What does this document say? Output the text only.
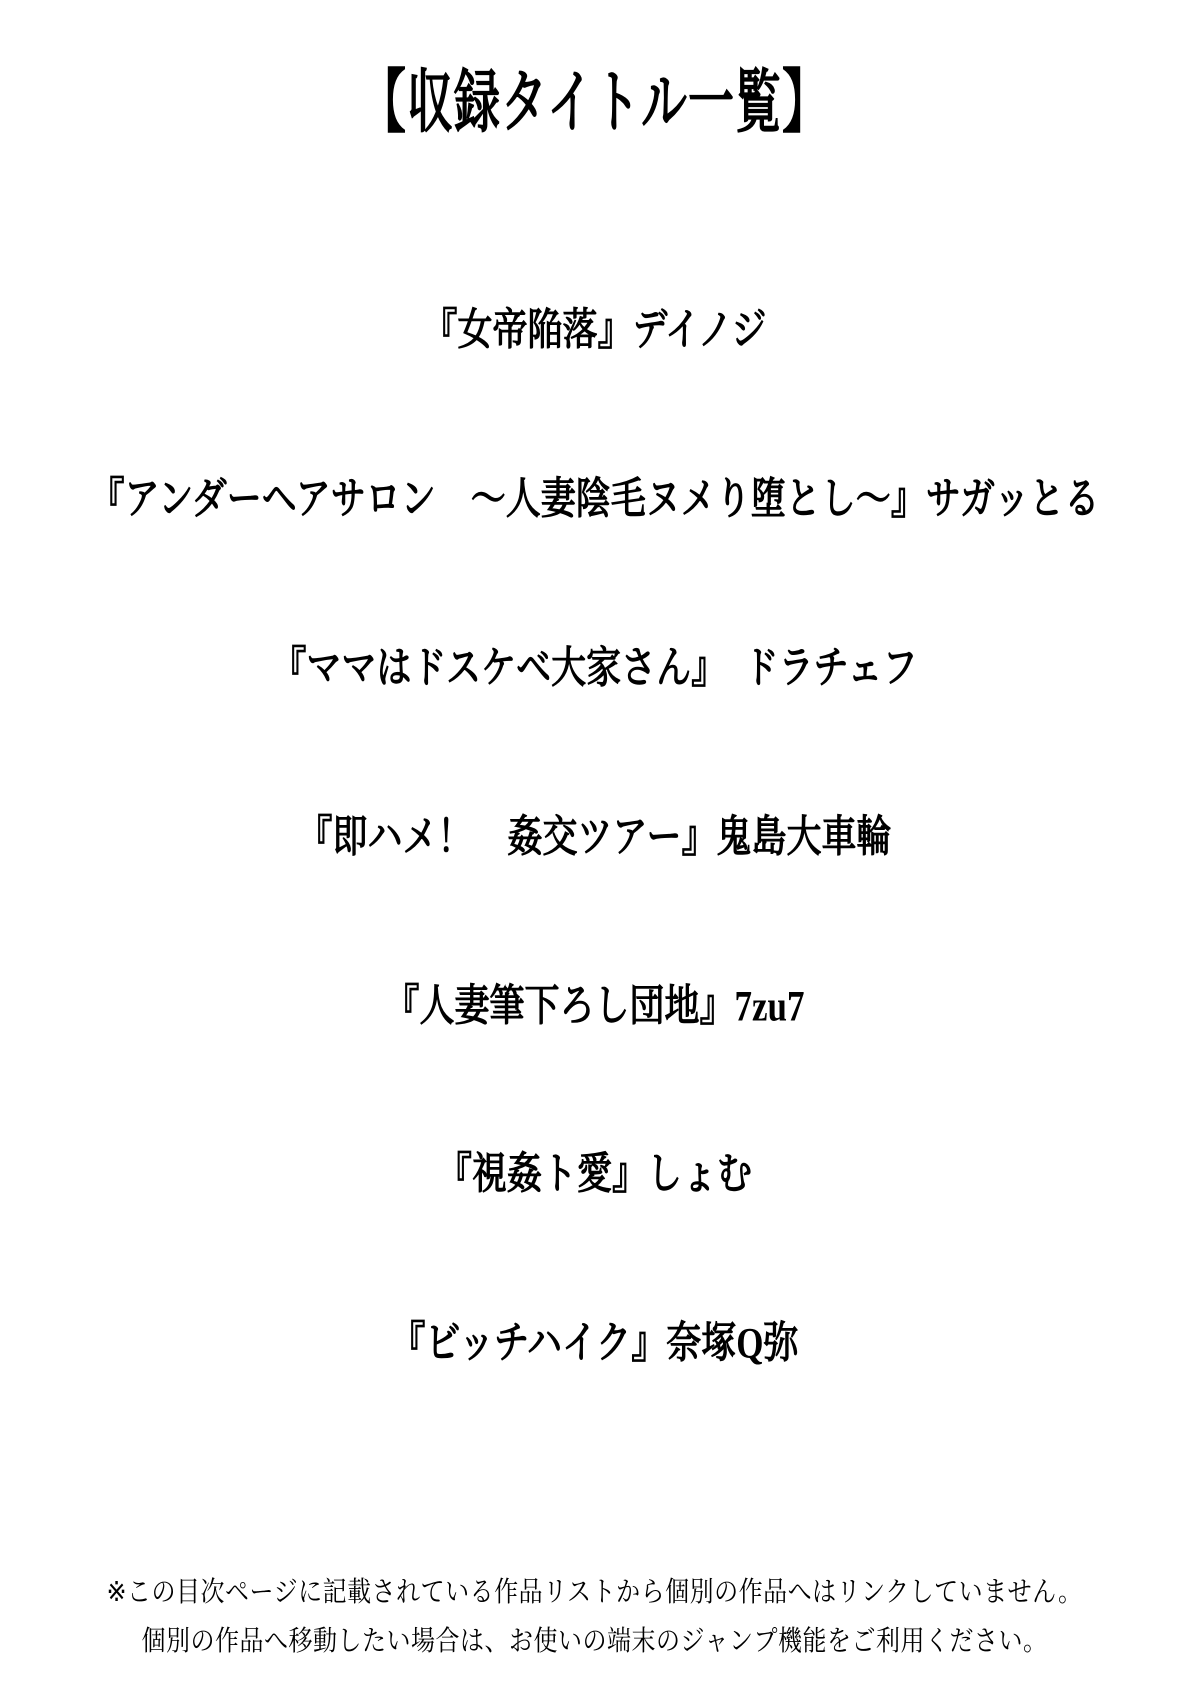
【収録タイトル一覧】
『女帝陥落』デイノジ
『アンダーヘアサロン　～人妻陰毛ヌメり堕とし～』サガッとる
『ママはドスケベ大家さん』　ドラチェフ
『即ハメ！　姦交ツアー』鬼島大車輪
『人妻筆下ろし団地』7zu7
『視姦ト愛』しょむ
『ビッチハイク』奈塚Q弥
※この目次ページに記載されている作品リストから個別の作品へはリンクしていません。
個別の作品へ移動したい場合は、お使いの端末のジャンプ機能をご利用ください。
